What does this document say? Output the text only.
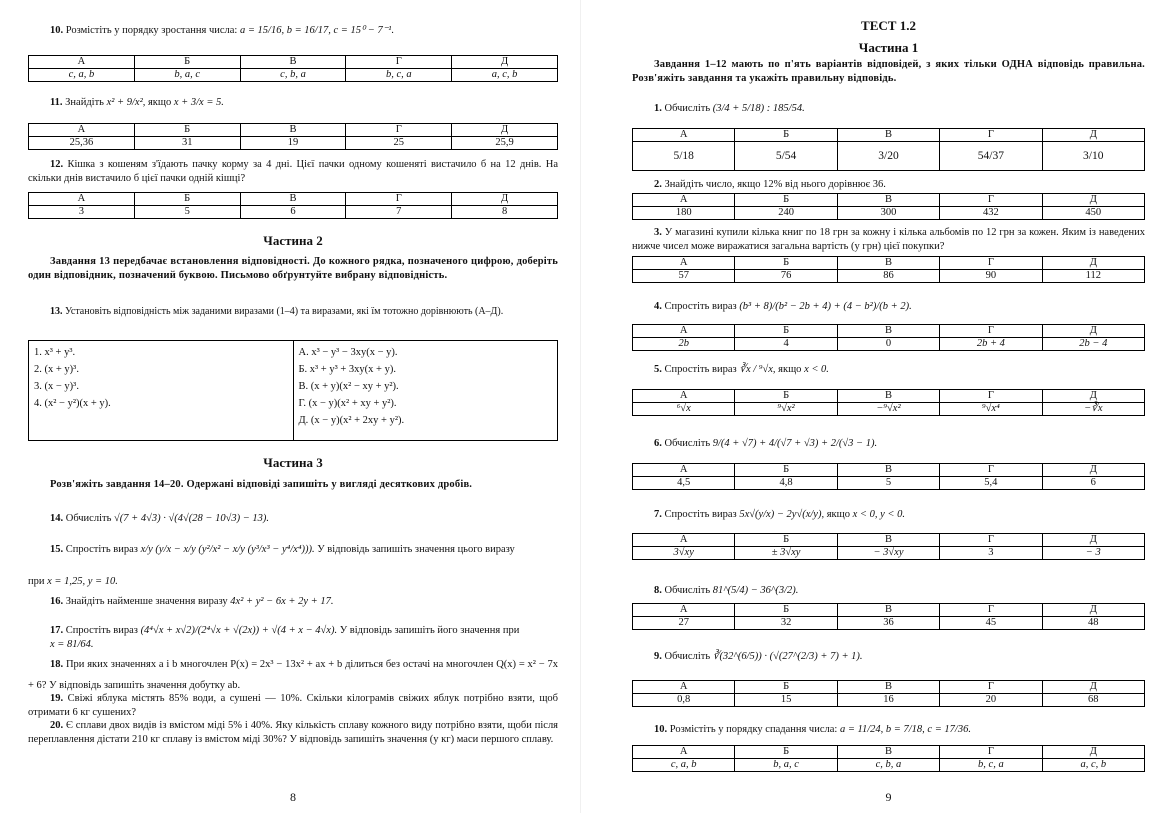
10. Розмістіть у порядку зростання числа: a = 15/16, b = 16/17, c = 15⁰ − 7⁻¹.
А	Б	В	Г	Д
c, a, b	b, a, c	c, b, a	b, c, a	a, c, b
11. Знайдіть x² + 9/x², якщо x + 3/x = 5.
А	Б	В	Г	Д
25,36	31	19	25	25,9
12. Кішка з кошеням з'їдають пачку корму за 4 дні. Цієї пачки одному кошеняті вистачило б на 12 днів. На скільки днів вистачило б цієї пачки одній кішці?
А	Б	В	Г	Д
3	5	6	7	8
Частина 2
Завдання 13 передбачає встановлення відповідності. До кожного рядка, позначеного цифрою, доберіть один відповідник, позначений буквою. Письмово обґрунтуйте вибрану відповідність.
13. Установіть відповідність між заданими виразами (1–4) та виразами, які їм тотожно дорівнюють (А–Д).
1. x³ + y³.
2. (x + y)³.
3. (x − y)³.
4. (x² − y²)(x + y).

А. x³ − y³ − 3xy(x − y).
Б. x³ + y³ + 3xy(x + y).
В. (x + y)(x² − xy + y²).
Г. (x − y)(x² + xy + y²).
Д. (x − y)(x² + 2xy + y²).
Частина 3
Розв'яжіть завдання 14–20. Одержані відповіді запишіть у вигляді десяткових дробів.
14. Обчисліть √(7 + 4√3) · √(4√(28 − 10√3) − 13).
15. Спростіть вираз x/y (y/x − x/y (y²/x² − x/y (y³/x³ − y⁴/x⁴))). У відповідь запишіть значення цього виразу
при x = 1,25, y = 10.
16. Знайдіть найменше значення виразу 4x² + y² − 6x + 2y + 17.
17. Спростіть вираз (4⁴√x + x√2)/(2⁴√x + √(2x)) + √(4 + x − 4√x). У відповідь запишіть його значення при x = 81/64.
18. При яких значеннях a і b многочлен P(x) = 2x³ − 13x² + ax + b ділиться без остачі на многочлен Q(x) = x² − 7x + 6? У відповідь запишіть значення добутку ab.
19. Свіжі яблука містять 85% води, а сушені — 10%. Скільки кілограмів свіжих яблук потрібно взяти, щоб отримати 6 кг сушених?
20. Є сплави двох видів із вмістом міді 5% і 40%. Яку кількість сплаву кожного виду потрібно взяти, щоби після переплавлення дістати 210 кг сплаву із вмістом міді 30%? У відповідь запишіть значення (у кг) маси першого сплаву.
8
ТЕСТ 1.2
Частина 1
Завдання 1–12 мають по п'ять варіантів відповідей, з яких тільки ОДНА відповідь правильна. Розв'яжіть завдання та укажіть правильну відповідь.
1. Обчисліть (3/4 + 5/18) : 185/54.
А	Б	В	Г	Д
5/18	5/54	3/20	54/37	3/10
2. Знайдіть число, якщо 12% від нього дорівнює 36.
А	Б	В	Г	Д
180	240	300	432	450
3. У магазині купили кілька книг по 18 грн за кожну і кілька альбомів по 12 грн за кожен. Яким із наведених нижче чисел може виражатися загальна вартість (у грн) цієї покупки?
А	Б	В	Г	Д
57	76	86	90	112
4. Спростіть вираз (b³ + 8)/(b² − 2b + 4) + (4 − b²)/(b + 2).
А	Б	В	Г	Д
2b	4	0	2b + 4	2b − 4
5. Спростіть вираз ∛x / ⁹√x, якщо x < 0.
А	Б	В	Г	Д
⁶√x	⁹√x²	−⁹√x²	⁹√x⁴	−∛x
6. Обчисліть 9/(4 + √7) + 4/(√7 + √3) + 2/(√3 − 1).
А	Б	В	Г	Д
4,5	4,8	5	5,4	6
7. Спростіть вираз 5x√(y/x) − 2y√(x/y), якщо x < 0, y < 0.
А	Б	В	Г	Д
3√xy	± 3√xy	− 3√xy	3	− 3
8. Обчисліть 81^(5/4) − 36^(3/2).
А	Б	В	Г	Д
27	32	36	45	48
9. Обчисліть ∛(32^(6/5)) · (√(27^(2/3) + 7) + 1).
А	Б	В	Г	Д
0,8	15	16	20	68
10. Розмістіть у порядку спадання числа: a = 11/24, b = 7/18, c = 17/36.
А	Б	В	Г	Д
c, a, b	b, a, c	c, b, a	b, c, a	a, c, b
9
